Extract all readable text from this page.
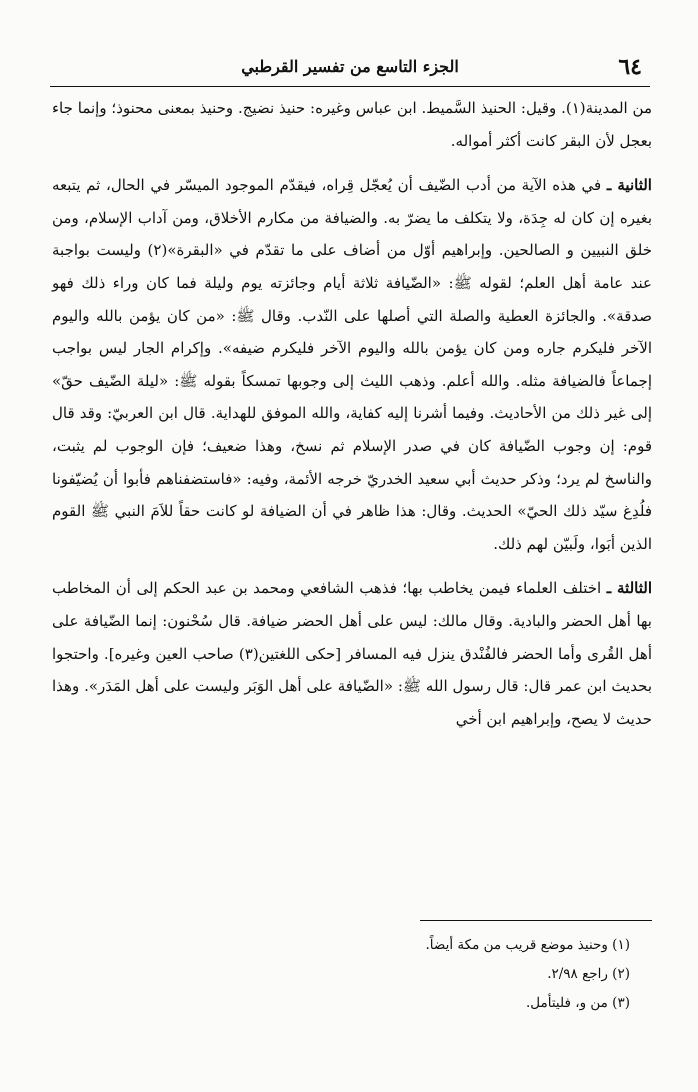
٦٤
الجزء التاسع من تفسير القرطبي

من المدينة(١). وقيل: الحنيذ السَّميط. ابن عباس وغيره: حنيذ نضيج. وحنيذ بمعنى محنوذ؛ وإنما جاء بعجل لأن البقر كانت أكثر أمواله.

الثانية ـ في هذه الآية من أدب الضّيف أن يُعجّل قِراه، فيقدّم الموجود الميسّر في الحال، ثم يتبعه بغيره إن كان له جِدَة، ولا يتكلف ما يضرّ به. والضيافة من مكارم الأخلاق، ومن آداب الإسلام، ومن خلق النبيين و الصالحين. وإبراهيم أوّل من أضاف على ما تقدّم في «البقرة»(٢) وليست بواجبة عند عامة أهل العلم؛ لقوله ﷺ: «الضّيافة ثلاثة أيام وجائزته يوم وليلة فما كان وراء ذلك فهو صدقة». والجائزة العطية والصلة التي أصلها على النّدب. وقال ﷺ: «من كان يؤمن بالله واليوم الآخر فليكرم جاره ومن كان يؤمن بالله واليوم الآخر فليكرم ضيفه». وإكرام الجار ليس بواجب إجماعاً فالضيافة مثله. والله أعلم. وذهب الليث إلى وجوبها تمسكاً بقوله ﷺ: «ليلة الضّيف حقّ» إلى غير ذلك من الأحاديث. وفيما أشرنا إليه كفاية، والله الموفق للهداية. قال ابن العربيّ: وقد قال قوم: إن وجوب الضّيافة كان في صدر الإسلام ثم نسخ، وهذا ضعيف؛ فإن الوجوب لم يثبت، والناسخ لم يرد؛ وذكر حديث أبي سعيد الخدريّ خرجه الأئمة، وفيه: «فاستضفناهم فأبوا أن يُضيّفونا فلُدِغ سيّد ذلك الحيّ» الحديث. وقال: هذا ظاهر في أن الضيافة لو كانت حقاً للاَمَ النبي ﷺ القوم الذين أبَوا، ولَبيّن لهم ذلك.

الثالثة ـ اختلف العلماء فيمن يخاطب بها؛ فذهب الشافعي ومحمد بن عبد الحكم إلى أن المخاطب بها أهل الحضر والبادية. وقال مالك: ليس على أهل الحضر ضيافة. قال سُحْنون: إنما الضّيافة على أهل القُرى وأما الحضر فالفُنْدق ينزل فيه المسافر [حكى اللغتين(٣) صاحب العين وغيره]. واحتجوا بحديث ابن عمر قال: قال رسول الله ﷺ: «الضّيافة على أهل الوَبَر وليست على أهل المَدَر». وهذا حديث لا يصح، وإبراهيم ابن أخي

(١) وحنيذ موضع قريب من مكة أيضاً.
(٢) راجع ٢/٩٨.
(٣) من و، فليتأمل.
